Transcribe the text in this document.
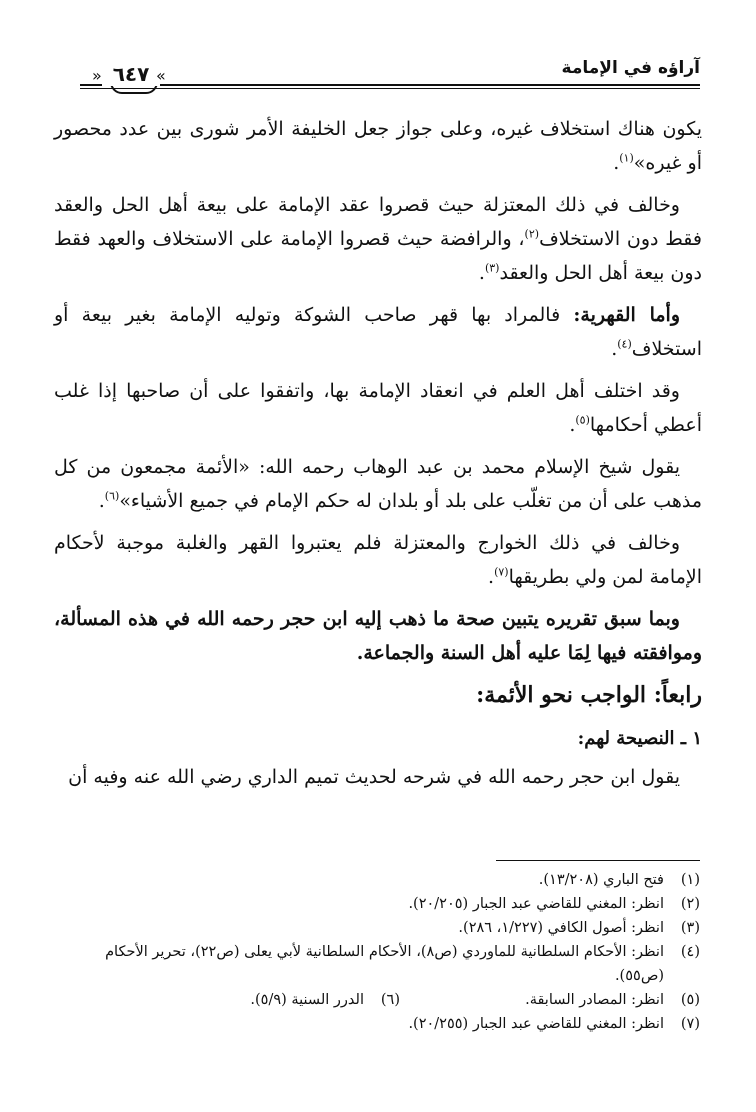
آراؤه في الإمامة
٦٤٧
«	»

يكون هناك استخلاف غيره، وعلى جواز جعل الخليفة الأمر شورى بين عدد محصور أو غيره»$^{(١)}$.

وخالف في ذلك المعتزلة حيث قصروا عقد الإمامة على بيعة أهل الحل والعقد فقط دون الاستخلاف$^{(٢)}$، والرافضة حيث قصروا الإمامة على الاستخلاف والعهد فقط دون بيعة أهل الحل والعقد$^{(٣)}$.

وأما القهرية: فالمراد بها قهر صاحب الشوكة وتوليه الإمامة بغير بيعة أو استخلاف$^{(٤)}$.

وقد اختلف أهل العلم في انعقاد الإمامة بها، واتفقوا على أن صاحبها إذا غلب أعطي أحكامها$^{(٥)}$.

يقول شيخ الإسلام محمد بن عبد الوهاب رحمه الله: «الأئمة مجمعون من كل مذهب على أن من تغلّب على بلد أو بلدان له حكم الإمام في جميع الأشياء»$^{(٦)}$.

وخالف في ذلك الخوارج والمعتزلة فلم يعتبروا القهر والغلبة موجبة لأحكام الإمامة لمن ولي بطريقها$^{(٧)}$.

وبما سبق تقريره يتبين صحة ما ذهب إليه ابن حجر رحمه الله في هذه المسألة، وموافقته فيها لِمَا عليه أهل السنة والجماعة.

رابعاً: الواجب نحو الأئمة:
١ ـ النصيحة لهم:

يقول ابن حجر رحمه الله في شرحه لحديث تميم الداري رضي الله عنه وفيه أن

(١)
فتح الباري (١٣/٢٠٨).
(٢)
انظر: المغني للقاضي عبد الجبار (٢٠/٢٠٥).
(٣)
انظر: أصول الكافي (١/٢٢٧، ٢٨٦).
(٤)
انظر: الأحكام السلطانية للماوردي (ص٨)، الأحكام السلطانية لأبي يعلى (ص٢٢)، تحرير الأحكام (ص٥٥).
(٥)
انظر: المصادر السابقة.
(٦)
الدرر السنية (٥/٩).
(٧)
انظر: المغني للقاضي عبد الجبار (٢٠/٢٥٥).
